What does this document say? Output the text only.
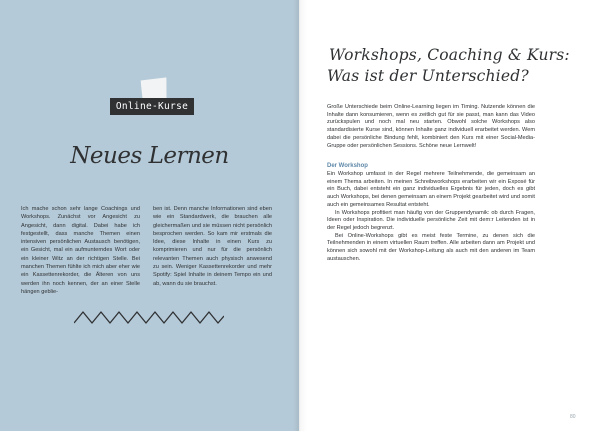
Online-Kurse
Neues Lernen
Ich mache schon sehr lange Coachings und Workshops. Zunächst vor Angesicht zu Angesicht, dann digital. Dabei habe ich festgestellt, dass manche Themen einen intensiven persönlichen Austausch benötigen, ein Gesicht, mal ein aufmunterndes Wort oder ein kleiner Witz an der richtigen Stelle. Bei manchen Themen fühlte ich mich aber eher wie ein Kassettenrekorder, die Älteren von uns werden ihn noch kennen, der an einer Stelle hängen geblie-
ben ist. Denn manche Informationen sind eben wie ein Standardwerk, die brauchen alle gleichermaßen und sie müssen nicht persönlich besprochen werden. So kam mir erstmals die Idee, diese Inhalte in einen Kurs zu komprimieren und nur für die persönlich relevanten Themen auch physisch anwesend zu sein. Weniger Kassettenrekorder und mehr Spotify: Spiel Inhalte in deinem Tempo ein und ab, wann du sie brauchst.
Workshops, Coaching & Kurs:
Was ist der Unterschied?
Große Unterschiede beim Online-Learning liegen im Timing. Nutzende können die Inhalte dann konsumieren, wenn es zeitlich gut für sie passt, man kann das Video zurückspulen und noch mal neu starten. Obwohl solche Workshops also standardisierte Kurse sind, können Inhalte ganz individuell erarbeitet werden. Wem dabei die persönliche Bindung fehlt, kombiniert den Kurs mit einer Social-Media-Gruppe oder persönlichen Sessions. Schöne neue Lernwelt!
Der Workshop

Ein Workshop umfasst in der Regel mehrere Teilnehmende, die gemeinsam an einem Thema arbeiten. In meinen Schreibworkshops erarbeiten wir ein Exposé für ein Buch, dabei entsteht ein ganz individuelles Ergebnis für jeden, doch es gibt auch Workshops, bei denen gemeinsam an einem Projekt gearbeitet wird und somit auch ein gemeinsames Resultat entsteht.

In Workshops profitiert man häufig von der Gruppendynamik: ob durch Fragen, Ideen oder Inspiration. Die individuelle persönliche Zeit mit dem:r Leitenden ist in der Regel jedoch begrenzt.

Bei Online-Workshops gibt es meist feste Termine, zu denen sich die Teilnehmenden in einem virtuellen Raum treffen. Alle arbeiten dann am Projekt und können sich sowohl mit der Workshop-Leitung als auch mit den anderen im Team austauschen.

80
